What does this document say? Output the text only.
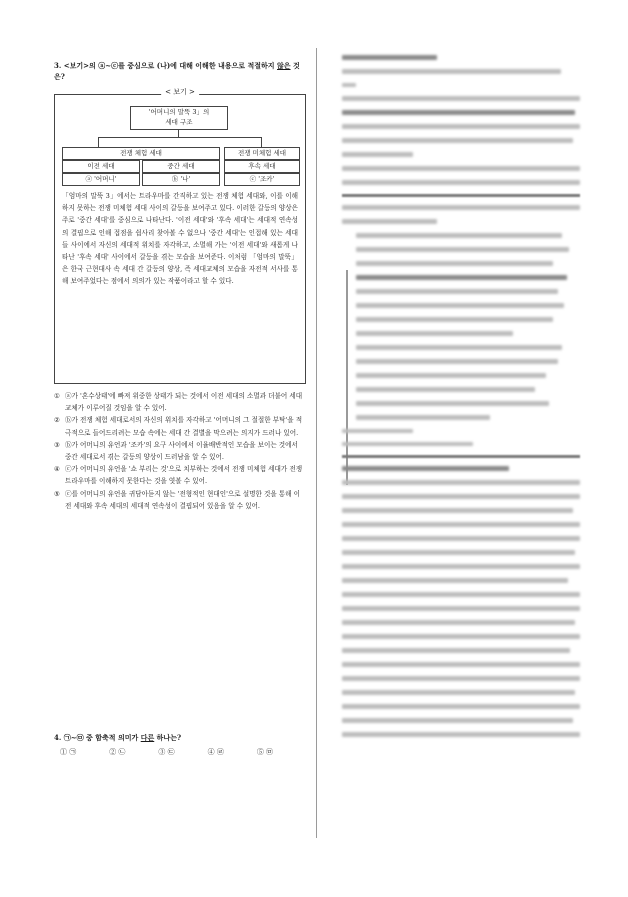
3. <보기>의 ⓐ~ⓒ를 중심으로 (나)에 대해 이해한 내용으로 적절하지 않은 것은?
< 보기 >
'어머니의 말뚝 3」의
세대 구조
전쟁 체험 세대	전쟁 미체험 세대
이전 세대	중간 세대	후속 세대
ⓐ '어머니'	ⓑ '나'	ⓒ '조카'
「엄마의 말뚝 3」에서는 트라우마를 간직하고 있는 전쟁 체험 세대와, 이를 이해하지 못하는 전쟁 미체험 세대 사이의 갈등을 보여주고 있다. 이러한 갈등의 양상은 주로 '중간 세대'를 중심으로 나타난다. '이전 세대'와 '후속 세대'는 세대적 연속성의 결핍으로 인해 접점을 쉽사리 찾아볼 수 없으나 '중간 세대'는 인접해 있는 세대들 사이에서 자신의 세대적 위치를 자각하고, 소멸해 가는 '이전 세대'와 새롭게 나타난 '후속 세대' 사이에서 갈등을 겪는 모습을 보여준다. 이처럼 「엄마의 말뚝」은 한국 근현대사 속 세대 간 갈등의 양상, 즉 세대교체의 모습을 자전적 서사를 통해 보여주었다는 점에서 의의가 있는 작품이라고 할 수 있다.
① ⓐ가 '혼수상태'에 빠져 위중한 상태가 되는 것에서 이전 세대의 소멸과 더불어 세대교체가 이루어질 것임을 알 수 있어.
② ⓑ가 전쟁 체험 세대로서의 자신의 위치를 자각하고 '어머니의 그 절절한 부탁'을 적극적으로 들어드리려는 모습 속에는 세대 간 결별을 막으려는 의지가 드러나 있어.
③ ⓑ가 어머니의 유언과 '조카'의 요구 사이에서 이율배반적인 모습을 보이는 것에서 중간 세대로서 겪는 갈등의 양상이 드러남을 알 수 있어.
④ ⓒ가 어머니의 유언을 '쇼 부리는 것'으로 치부하는 것에서 전쟁 미체험 세대가 전쟁 트라우마를 이해하지 못한다는 것을 엿볼 수 있어.
⑤ ⓒ를 어머니의 유언을 귀담아듣지 않는 '전형적인 현대인'으로 설명한 것을 통해 이전 세대와 후속 세대의 세대적 연속성이 결핍되어 있음을 알 수 있어.
4. ㉠~㉤ 중 함축적 의미가 다른 하나는?
① ㉠	② ㉡	③ ㉢	④ ㉣	⑤ ㉤
